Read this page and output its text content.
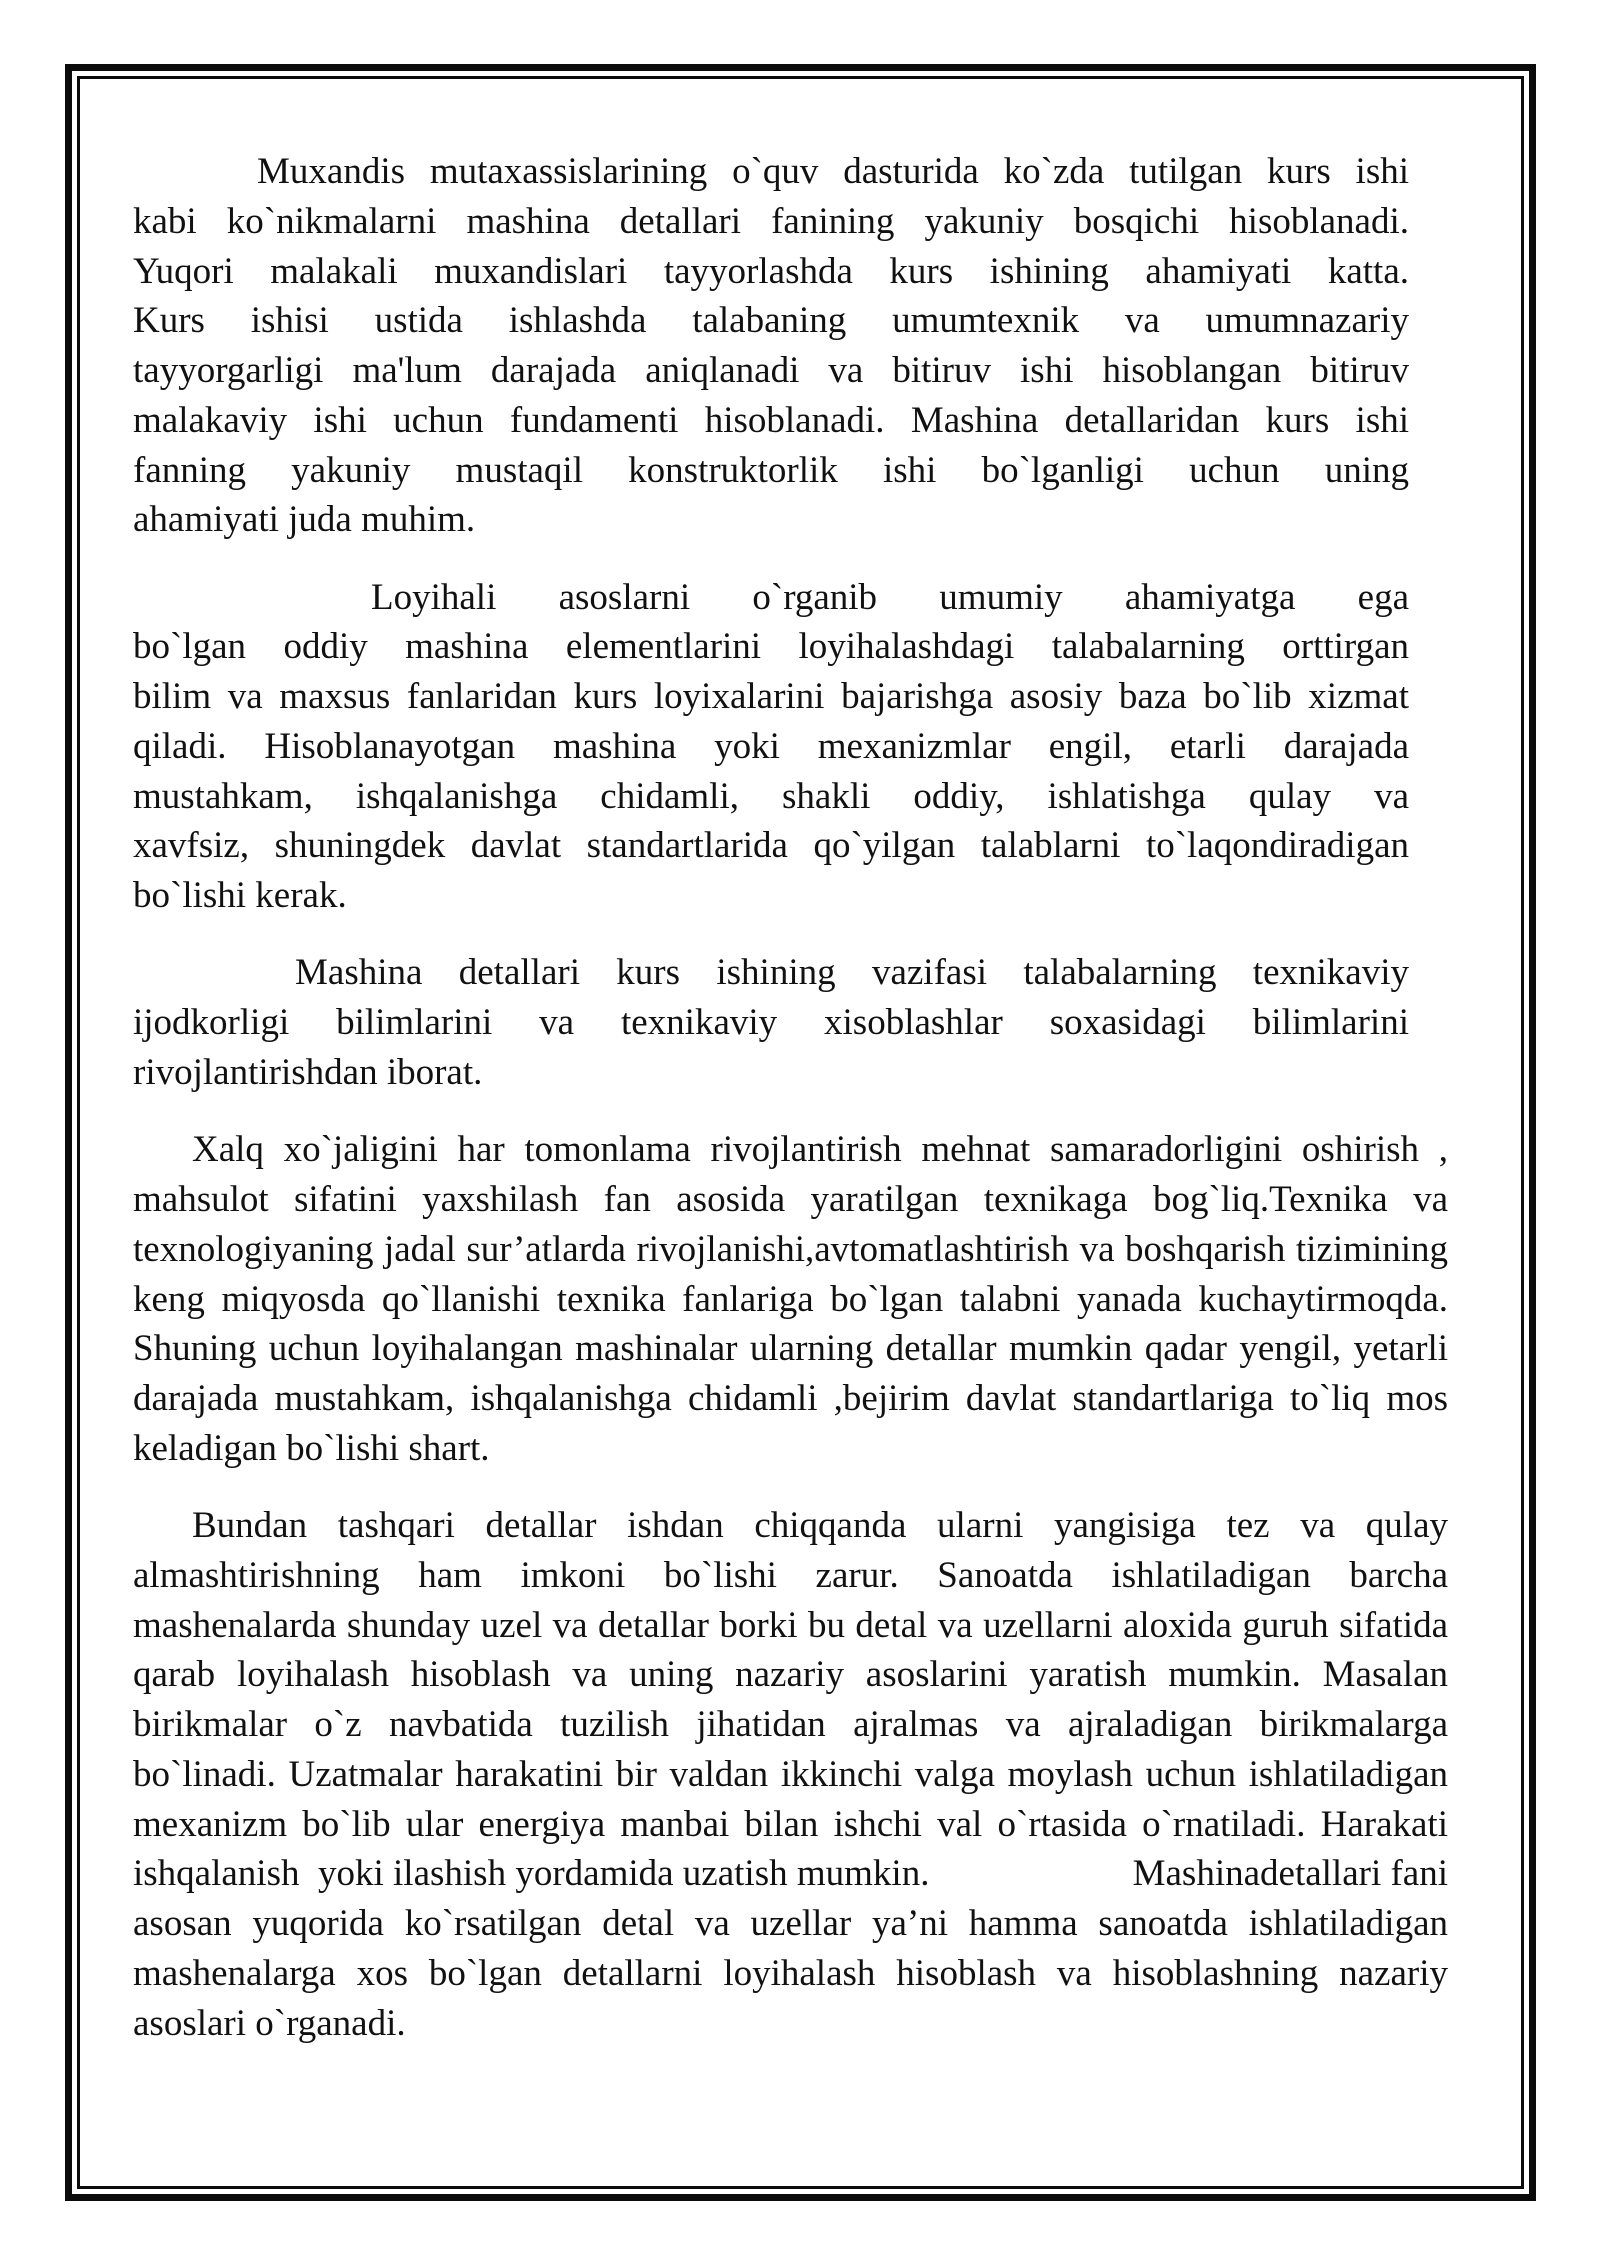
Muxandis mutaxassislarining o`quv dasturida ko`zda tutilgan kurs ishi
kabi ko`nikmalarni mashina detallari fanining yakuniy bosqichi hisoblanadi.
Yuqori malakali muxandislari tayyorlashda kurs ishining ahamiyati katta.
Kurs ishisi ustida ishlashda talabaning umumtexnik va umumnazariy
tayyorgarligi ma'lum darajada aniqlanadi va bitiruv ishi hisoblangan bitiruv
malakaviy ishi uchun fundamenti hisoblanadi. Mashina detallaridan kurs ishi
fanning yakuniy mustaqil konstruktorlik ishi bo`lganligi uchun uning
ahamiyati juda muhim.
Loyihali asoslarni o`rganib umumiy ahamiyatga ega
bo`lgan oddiy mashina elementlarini loyihalashdagi talabalarning orttirgan
bilim va maxsus fanlaridan kurs loyixalarini bajarishga asosiy baza bo`lib xizmat
qiladi. Hisoblanayotgan mashina yoki mexanizmlar engil, etarli darajada
mustahkam, ishqalanishga chidamli, shakli oddiy, ishlatishga qulay va
xavfsiz, shuningdek davlat standartlarida qo`yilgan talablarni to`laqondiradigan
bo`lishi kerak.
Mashina detallari kurs ishining vazifasi talabalarning texnikaviy
ijodkorligi bilimlarini va texnikaviy xisoblashlar soxasidagi bilimlarini
rivojlantirishdan iborat.
Xalq xo`jaligini har tomonlama rivojlantirish mehnat samaradorligini oshirish ,
mahsulot sifatini yaxshilash fan asosida yaratilgan texnikaga bog`liq.Texnika va
texnologiyaning jadal sur’atlarda rivojlanishi,avtomatlashtirish va boshqarish tizimining
keng miqyosda qo`llanishi texnika fanlariga bo`lgan talabni yanada kuchaytirmoqda.
Shuning uchun loyihalangan mashinalar ularning detallar mumkin qadar yengil, yetarli
darajada mustahkam, ishqalanishga chidamli ,bejirim davlat standartlariga to`liq mos
keladigan bo`lishi shart.
Bundan tashqari detallar ishdan chiqqanda ularni yangisiga tez va qulay
almashtirishning ham imkoni bo`lishi zarur. Sanoatda ishlatiladigan barcha
mashenalarda shunday uzel va detallar borki bu detal va uzellarni aloxida guruh sifatida
qarab loyihalash hisoblash va uning nazariy asoslarini yaratish mumkin. Masalan
birikmalar o`z navbatida tuzilish jihatidan ajralmas va ajraladigan birikmalarga
bo`linadi. Uzatmalar harakatini bir valdan ikkinchi valga moylash uchun ishlatiladigan
mexanizm bo`lib ular energiya manbai bilan ishchi val o`rtasida o`rnatiladi. Harakati
ishqalanish  yoki ilashish yordamida uzatish mumkin.	Mashinadetallari fani
asosan yuqorida ko`rsatilgan detal va uzellar ya’ni hamma sanoatda ishlatiladigan
mashenalarga xos bo`lgan detallarni loyihalash hisoblash va hisoblashning nazariy
asoslari o`rganadi.
